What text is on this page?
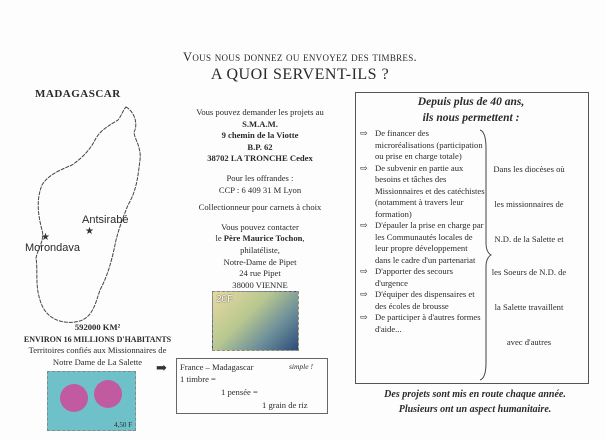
Vous nous donnez ou envoyez des timbres.
A QUOI SERVENT-ILS ?
MADAGASCAR
★
★
Antsirabé
Morondava
Vous pouvez demander les projets au
S.M.A.M.
9 chemin de la Viotte
B.P. 62
38702 LA TRONCHE Cedex
Pour les offrandes :
CCP : 6 409 31 M Lyon
Collectionneur pour carnets à choix
Vous pouvez contacter
le Père Maurice Tochon,
philatéliste,
Notre-Dame de Pipet
24 rue Pipet
38000 VIENNE
20F
592000 KM²
ENVIRON 16 MILLIONS D'HABITANTS
Territoires confiés aux Missionnaires de
Notre Dame de La Salette
4,50 F
➡ France – Madagascar	simple !
1 timbre =
1 pensée =
1 grain de riz
Depuis plus de 40 ans,
ils nous permettent :
⇨ De financer des microréalisations (participation ou prise en charge totale)
⇨ De subvenir en partie aux besoins et tâches des Missionnaires et des catéchistes (notamment à travers leur formation)
⇨ D'épauler la prise en charge par les Communautés locales de leur propre développement dans le cadre d'un partenariat
⇨ D'apporter des secours d'urgence
⇨ D'équiper des dispensaires et des écoles de brousse
⇨ De participer à d'autres formes d'aide...
Dans les diocèses où
les missionnaires de
N.D. de la Salette et
les Soeurs de N.D. de
la Salette travaillent
avec d'autres
Des projets sont mis en route chaque année.
Plusieurs ont un aspect humanitaire.
